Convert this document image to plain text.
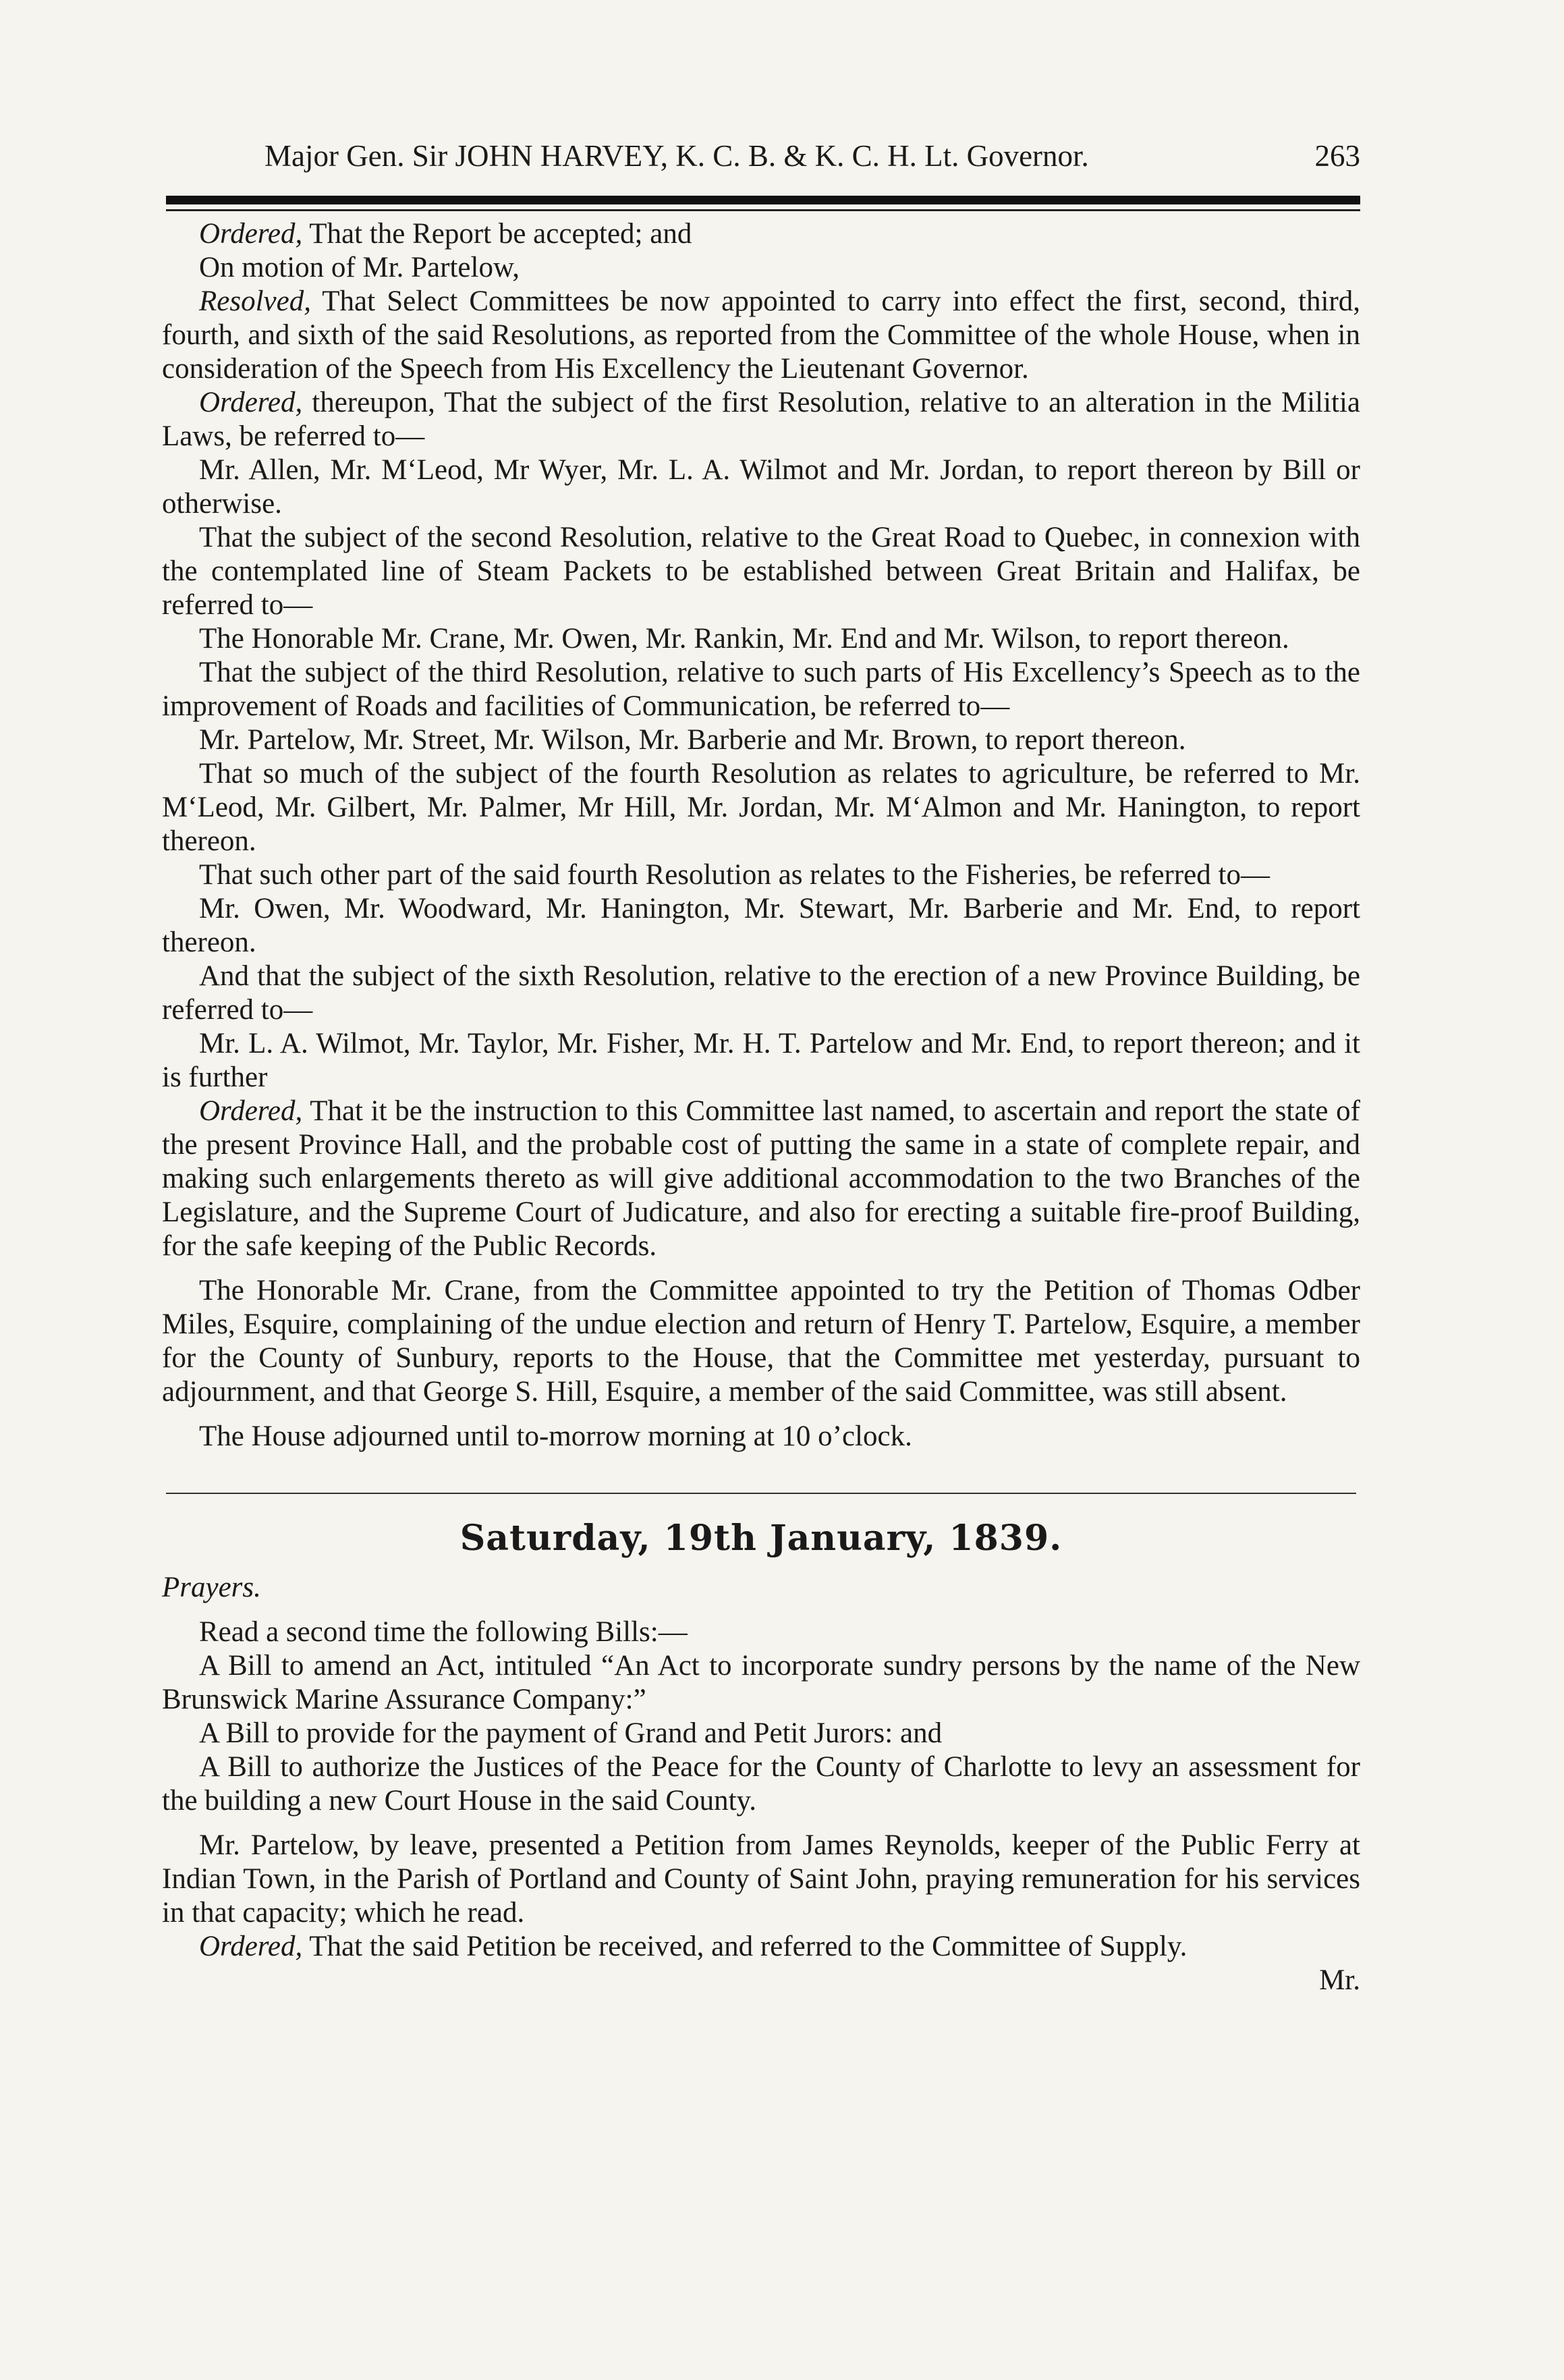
Major Gen. Sir JOHN HARVEY, K. C. B. & K. C. H. Lt. Governor.	263

Ordered, That the Report be accepted; and

On motion of Mr. Partelow,

Resolved, That Select Committees be now appointed to carry into effect the first, second, third, fourth, and sixth of the said Resolutions, as reported from the Committee of the whole House, when in consideration of the Speech from His Excellency the Lieutenant Governor.

Ordered, thereupon, That the subject of the first Resolution, relative to an alteration in the Militia Laws, be referred to—

Mr. Allen, Mr. M‘Leod, Mr Wyer, Mr. L. A. Wilmot and Mr. Jordan, to report thereon by Bill or otherwise.

That the subject of the second Resolution, relative to the Great Road to Quebec, in connexion with the contemplated line of Steam Packets to be established between Great Britain and Halifax, be referred to—

The Honorable Mr. Crane, Mr. Owen, Mr. Rankin, Mr. End and Mr. Wilson, to report thereon.

That the subject of the third Resolution, relative to such parts of His Excellency’s Speech as to the improvement of Roads and facilities of Communication, be referred to—

Mr. Partelow, Mr. Street, Mr. Wilson, Mr. Barberie and Mr. Brown, to report thereon.

That so much of the subject of the fourth Resolution as relates to agriculture, be referred to Mr. M‘Leod, Mr. Gilbert, Mr. Palmer, Mr Hill, Mr. Jordan, Mr. M‘Almon and Mr. Hanington, to report thereon.

That such other part of the said fourth Resolution as relates to the Fisheries, be referred to—

Mr. Owen, Mr. Woodward, Mr. Hanington, Mr. Stewart, Mr. Barberie and Mr. End, to report thereon.

And that the subject of the sixth Resolution, relative to the erection of a new Province Building, be referred to—

Mr. L. A. Wilmot, Mr. Taylor, Mr. Fisher, Mr. H. T. Partelow and Mr. End, to report thereon; and it is further

Ordered, That it be the instruction to this Committee last named, to ascertain and report the state of the present Province Hall, and the probable cost of putting the same in a state of complete repair, and making such enlargements thereto as will give additional accommodation to the two Branches of the Legislature, and the Supreme Court of Judicature, and also for erecting a suitable fire-proof Building, for the safe keeping of the Public Records.

The Honorable Mr. Crane, from the Committee appointed to try the Petition of Thomas Odber Miles, Esquire, complaining of the undue election and return of Henry T. Partelow, Esquire, a member for the County of Sunbury, reports to the House, that the Committee met yesterday, pursuant to adjournment, and that George S. Hill, Esquire, a member of the said Committee, was still absent.

The House adjourned until to-morrow morning at 10 o’clock.

Saturday, 19th January, 1839.

Prayers.

Read a second time the following Bills:—

A Bill to amend an Act, intituled “An Act to incorporate sundry persons by the name of the New Brunswick Marine Assurance Company:”

A Bill to provide for the payment of Grand and Petit Jurors: and

A Bill to authorize the Justices of the Peace for the County of Charlotte to levy an assessment for the building a new Court House in the said County.

Mr. Partelow, by leave, presented a Petition from James Reynolds, keeper of the Public Ferry at Indian Town, in the Parish of Portland and County of Saint John, praying remuneration for his services in that capacity; which he read.

Ordered, That the said Petition be received, and referred to the Committee of Supply.

Mr.
